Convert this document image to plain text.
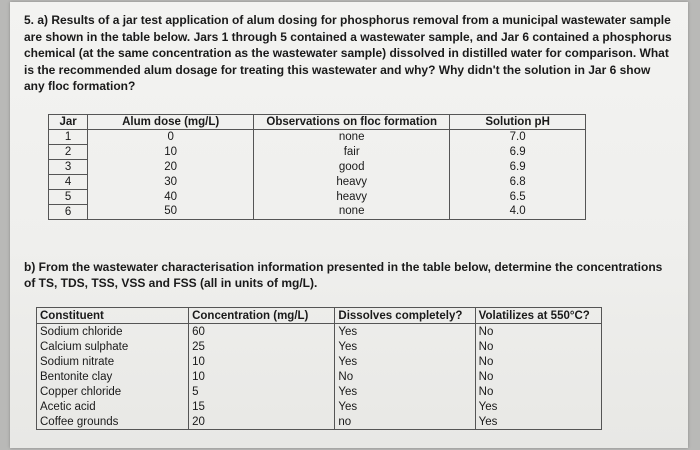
5. a) Results of a jar test application of alum dosing for phosphorus removal from a municipal wastewater sample are shown in the table below. Jars 1 through 5 contained a wastewater sample, and Jar 6 contained a phosphorus chemical (at the same concentration as the wastewater sample) dissolved in distilled water for comparison. What is the recommended alum dosage for treating this wastewater and why? Why didn't the solution in Jar 6 show any floc formation?
Jar	Alum dose (mg/L)	Observations on floc formation	Solution pH
1	0	none	7.0
2	10	fair	6.9
3	20	good	6.9
4	30	heavy	6.8
5	40	heavy	6.5
6	50	none	4.0
b) From the wastewater characterisation information presented in the table below, determine the concentrations of TS, TDS, TSS, VSS and FSS (all in units of mg/L).
Constituent	Concentration (mg/L)	Dissolves completely?	Volatilizes at 550°C?
Sodium chloride	60	Yes	No
Calcium sulphate	25	Yes	No
Sodium nitrate	10	Yes	No
Bentonite clay	10	No	No
Copper chloride	5	Yes	No
Acetic acid	15	Yes	Yes
Coffee grounds	20	no	Yes
